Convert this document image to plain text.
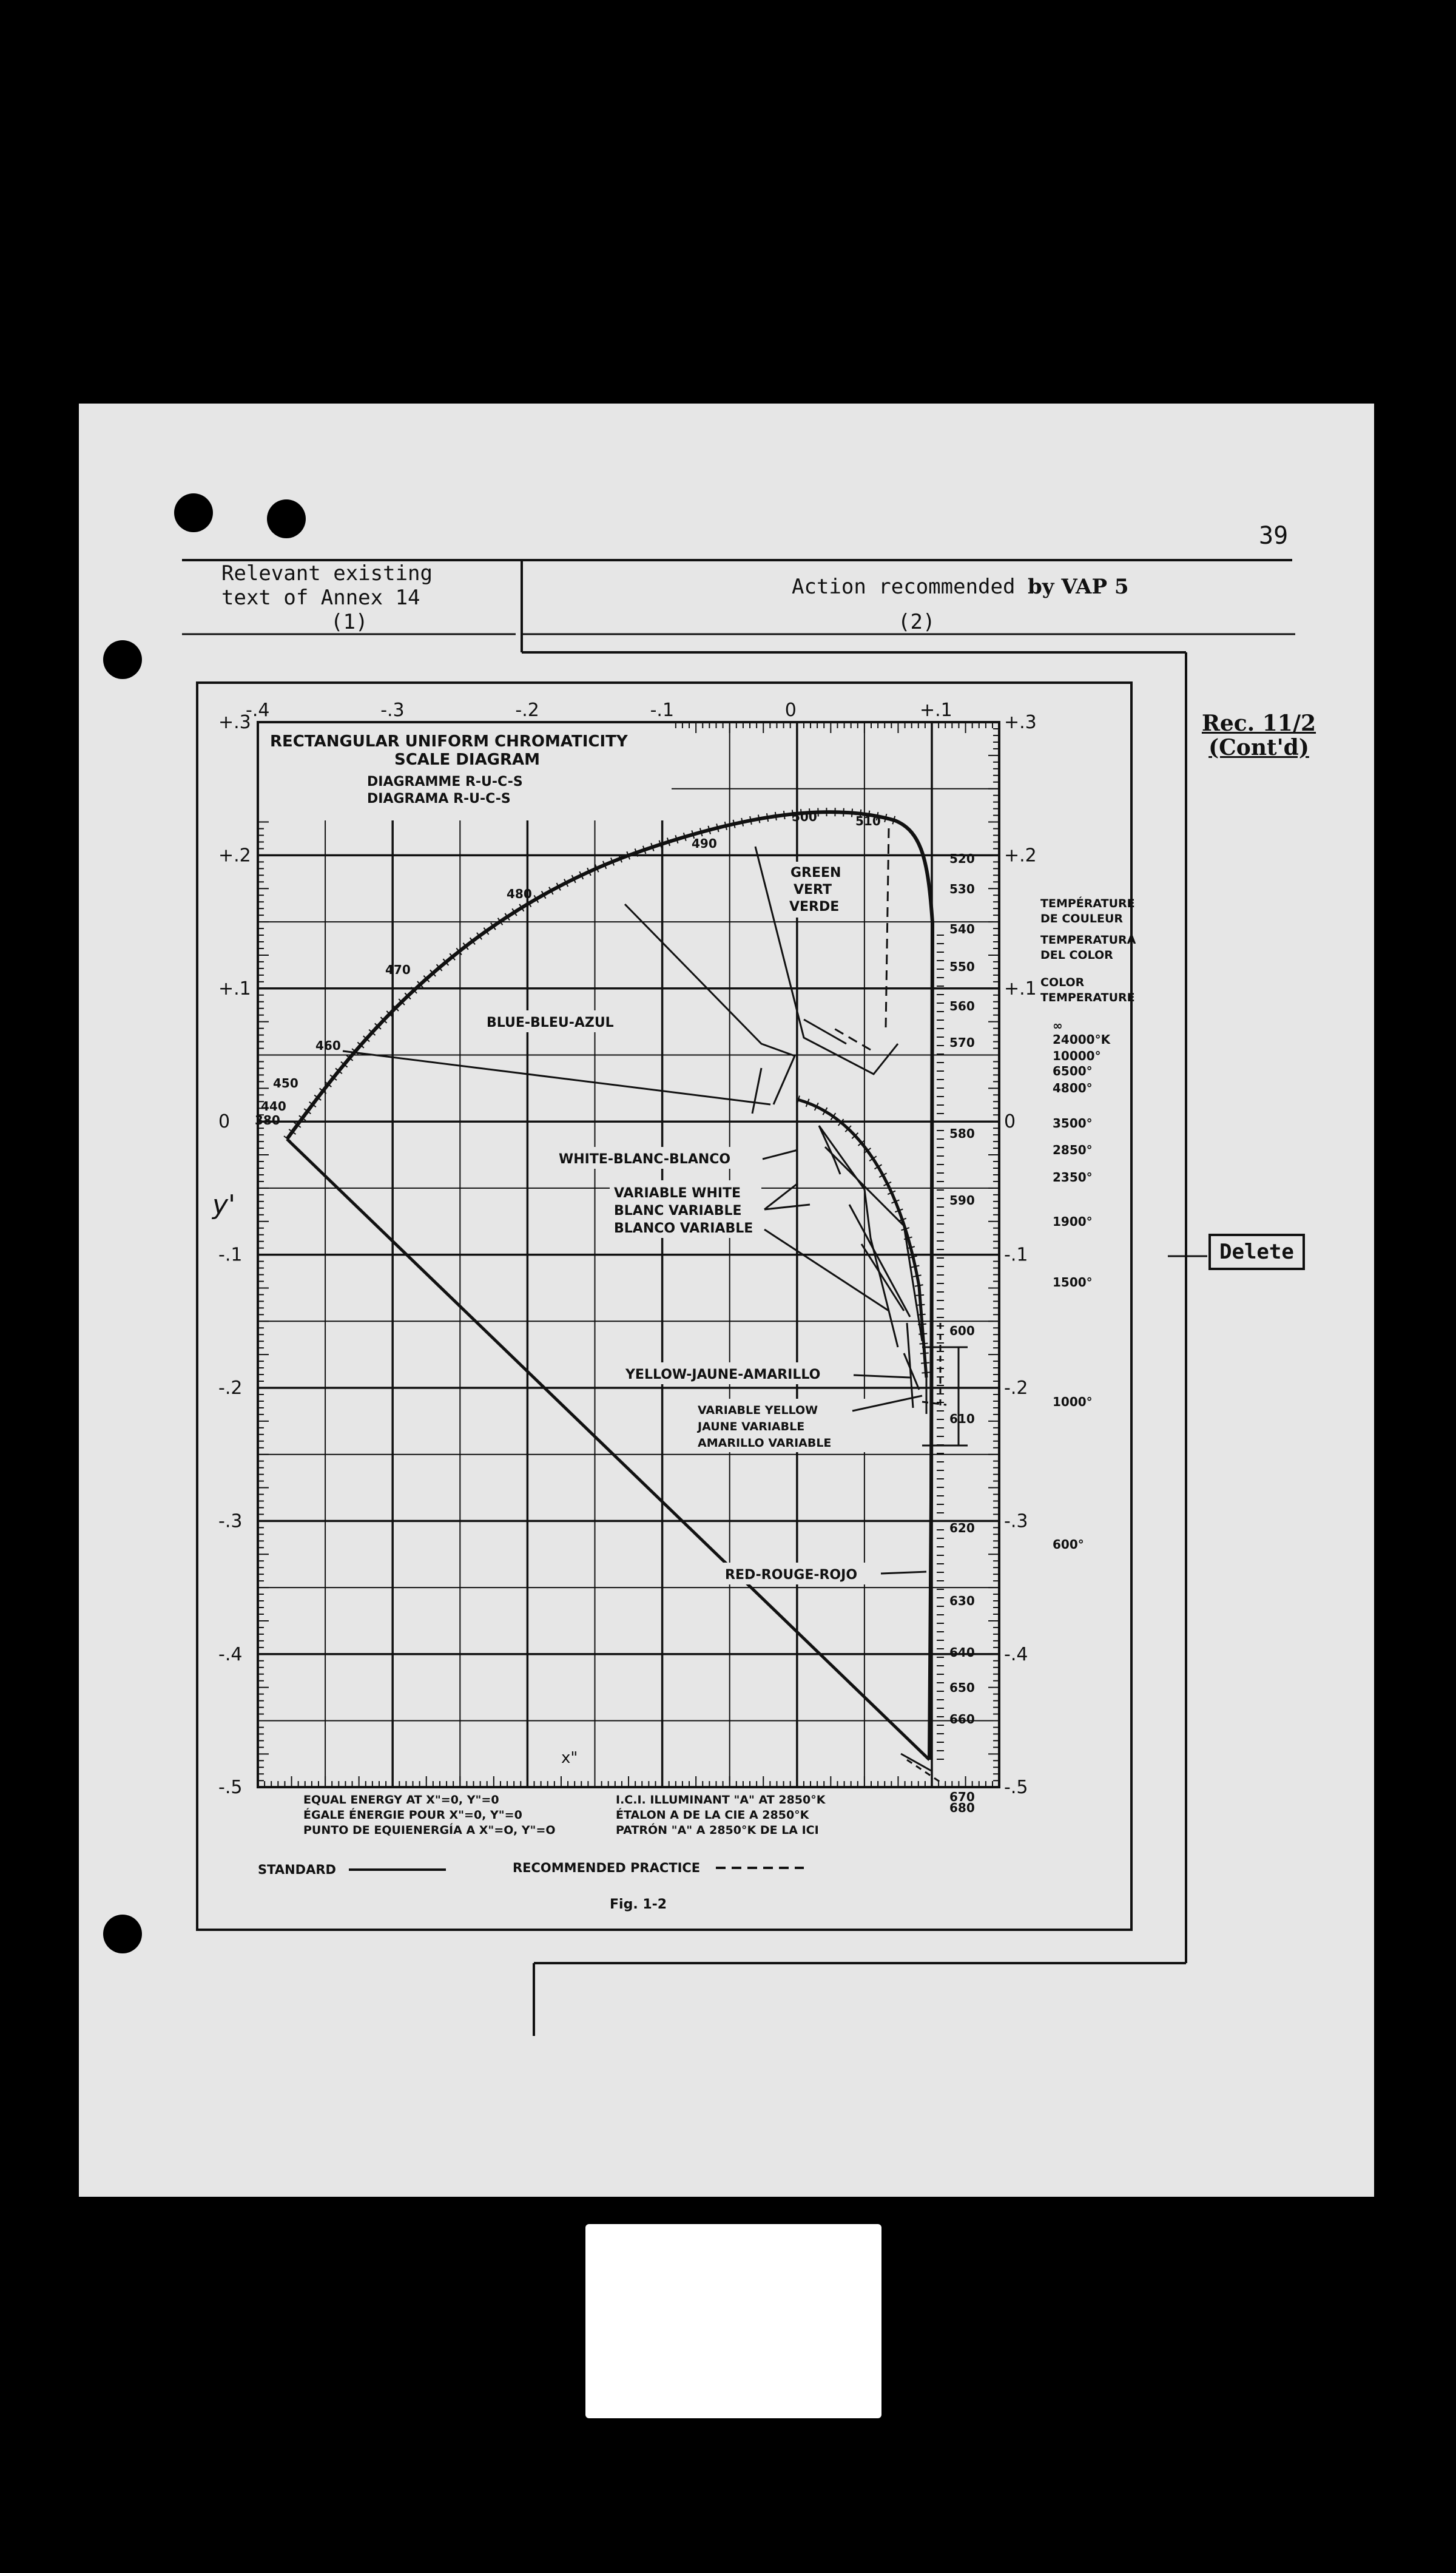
39
Relevant existing
text of Annex 14
(1)
Action recommended by VAP 5
(2)
Rec. 11/2
(Cont'd)
Delete
-.4	-.3	-.2	-.1	0	+.1
+.3
+.2
+.1
0
-.1
-.2
-.3
-.4
-.5
+.3
+.2
+.1
0
-.1
-.2
-.3
-.4
-.5
y'
x"
RECTANGULAR UNIFORM CHROMATICITY
SCALE DIAGRAM
DIAGRAMME R-U-C-S
DIAGRAMA R-U-C-S
GREEN
VERT
VERDE
BLUE-BLEU-AZUL
WHITE-BLANC-BLANCO
VARIABLE WHITE
BLANC VARIABLE
BLANCO VARIABLE
YELLOW-JAUNE-AMARILLO
VARIABLE YELLOW
JAUNE VARIABLE
AMARILLO VARIABLE
RED-ROUGE-ROJO
380
440
450
460
470
480
490
500	510
520
530
540
550
560
570
580
590
600
610
620
630
640
650
660
670
680
TEMPÉRATURE
DE COULEUR
TEMPERATURA
DEL COLOR
COLOR
TEMPERATURE
∞
24000°K
10000°
6500°
4800°
3500°
2850°
2350°
1900°
1500°
1000°
600°
EQUAL ENERGY AT X"=0, Y"=0
ÉGALE ÉNERGIE POUR X"=0, Y"=0
PUNTO DE EQUIENERGÍA A X"=O, Y"=O
I.C.I. ILLUMINANT "A" AT 2850°K
ÉTALON A DE LA CIE A 2850°K
PATRÓN "A" A 2850°K DE LA ICI
STANDARD	RECOMMENDED PRACTICE
Fig. 1-2
